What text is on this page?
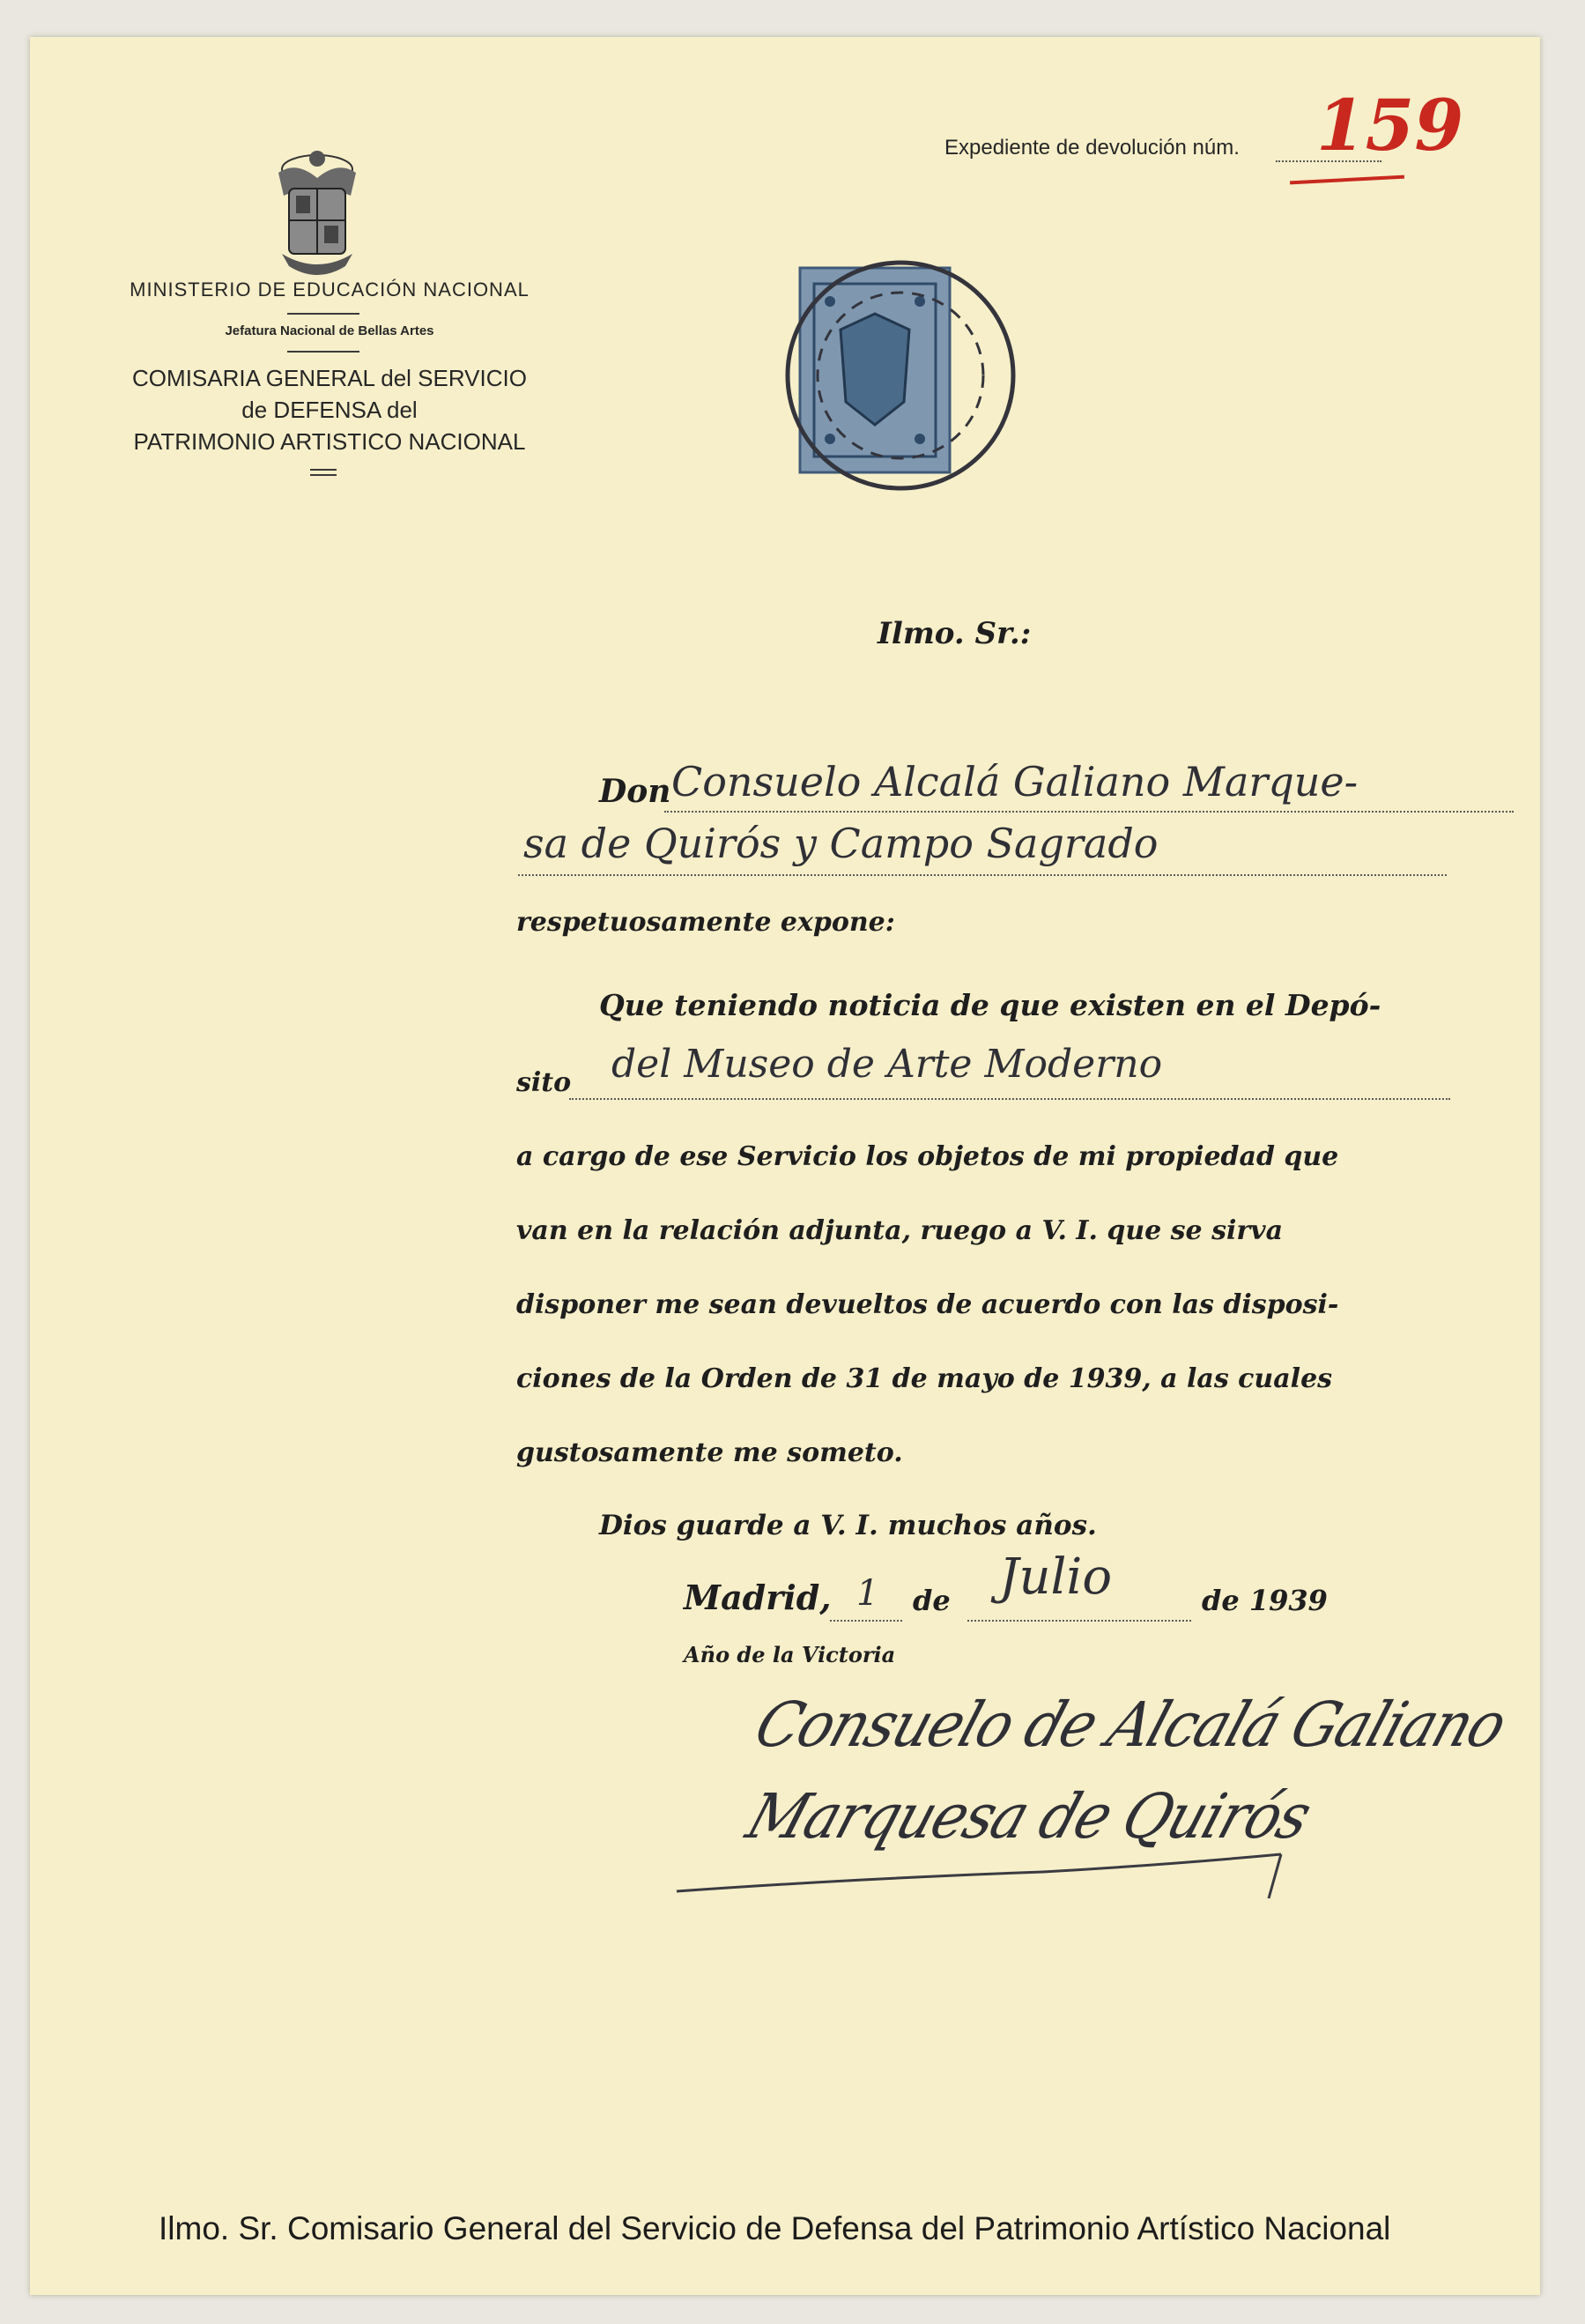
MINISTERIO DE EDUCACIÓN NACIONAL
Jefatura Nacional de Bellas Artes
COMISARIA GENERAL del SERVICIO
de DEFENSA del
PATRIMONIO ARTISTICO NACIONAL
Expediente de devolución núm. 159
Ilmo. Sr.:
Don Consuelo Alcalá Galiano Marque-
sa de Quirós y Campo Sagrado
respetuosamente expone:
Que teniendo noticia de que existen en el Depó-
sito del Museo de Arte Moderno
a cargo de ese Servicio los objetos de mi propiedad que
van en la relación adjunta, ruego a V. I. que se sirva
disponer me sean devueltos de acuerdo con las disposi-
ciones de la Orden de 31 de mayo de 1939, a las cuales
gustosamente me someto.
Dios guarde a V. I. muchos años.
Madrid, 1 de Julio	de 1939
Año de la Victoria
Consuelo de Alcalá Galiano
Marquesa de Quirós
Ilmo. Sr. Comisario General del Servicio de Defensa del Patrimonio Artístico Nacional
